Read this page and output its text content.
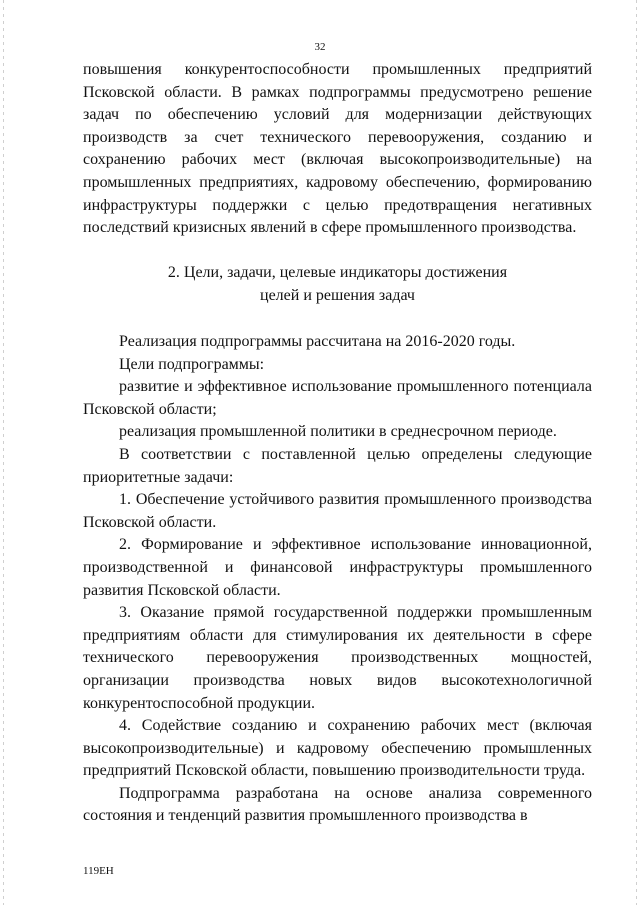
32

повышения конкурентоспособности промышленных предприятий Псковской области. В рамках подпрограммы предусмотрено решение задач по обеспечению условий для модернизации действующих производств за счет технического перевооружения, созданию и сохранению рабочих мест (включая высокопроизводительные) на промышленных предприятиях, кадровому обеспечению, формированию инфраструктуры поддержки с целью предотвращения негативных последствий кризисных явлений в сфере промышленного производства.

2. Цели, задачи, целевые индикаторы достижения
целей и решения задач

Реализация подпрограммы рассчитана на 2016-2020 годы.

Цели подпрограммы:

развитие и эффективное использование промышленного потенциала Псковской области;

реализация промышленной политики в среднесрочном периоде.

В соответствии с поставленной целью определены следующие приоритетные задачи:

1. Обеспечение устойчивого развития промышленного производства Псковской области.

2. Формирование и эффективное использование инновационной, производственной и финансовой инфраструктуры промышленного развития Псковской области.

3. Оказание прямой государственной поддержки промышленным предприятиям области для стимулирования их деятельности в сфере технического перевооружения производственных мощностей, организации производства новых видов высокотехнологичной конкурентоспособной продукции.

4. Содействие созданию и сохранению рабочих мест (включая высокопроизводительные) и кадровому обеспечению промышленных предприятий Псковской области, повышению производительности труда.

Подпрограмма разработана на основе анализа современного состояния и тенденций развития промышленного производства в

119ЕН
